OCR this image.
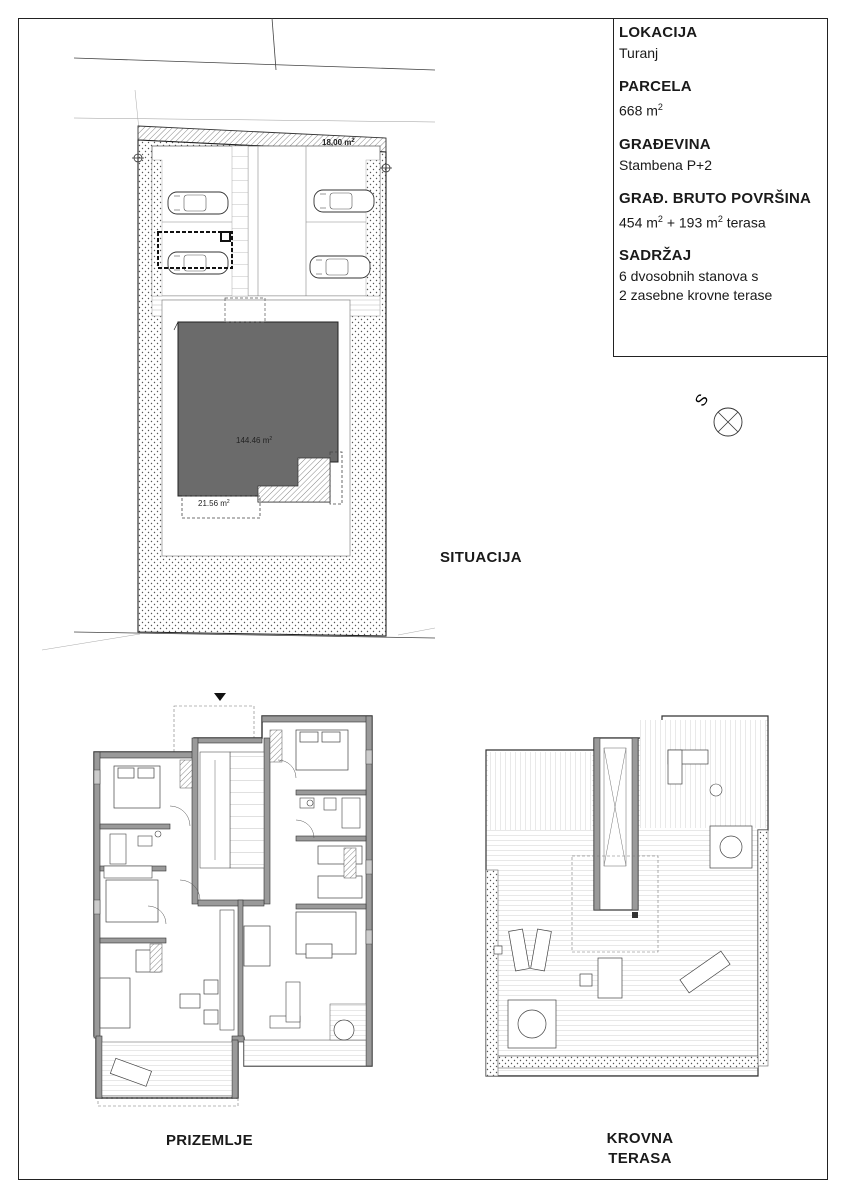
LOKACIJA

Turanj

PARCELA

668 $m^2$

GRAĐEVINA

Stambena P+2

GRAĐ. BRUTO POVRŠINA

454 $m^2 + 193$ $m^2$ terasa

SADRŽAJ

6 dvosobnih stanova s

2 zasebne krovne terase

144.46 $m^2$
21.56 $m^2$
18,00 $m^2$
S
SITUACIJA
PRIZEMLJE	KROVNA
TERASA
